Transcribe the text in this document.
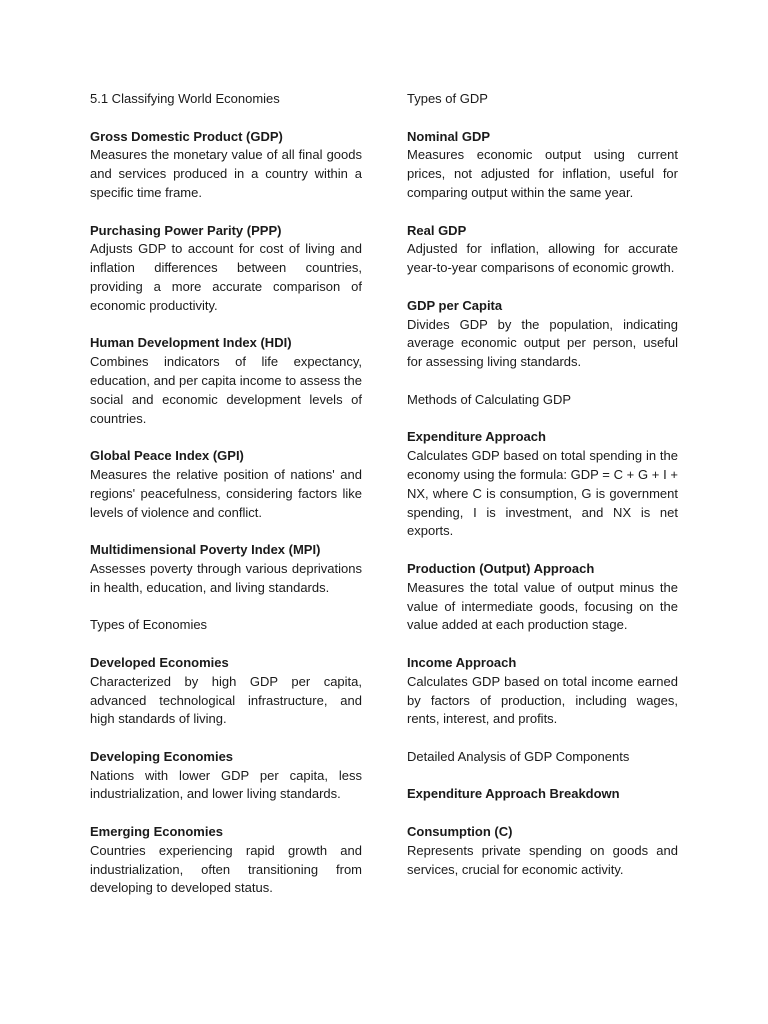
5.1 Classifying World Economies
Gross Domestic Product (GDP)
Measures the monetary value of all final goods and services produced in a country within a specific time frame.
Purchasing Power Parity (PPP)
Adjusts GDP to account for cost of living and inflation differences between countries, providing a more accurate comparison of economic productivity.
Human Development Index (HDI)
Combines indicators of life expectancy, education, and per capita income to assess the social and economic development levels of countries.
Global Peace Index (GPI)
Measures the relative position of nations' and regions' peacefulness, considering factors like levels of violence and conflict.
Multidimensional Poverty Index (MPI)
Assesses poverty through various deprivations in health, education, and living standards.
Types of Economies
Developed Economies
Characterized by high GDP per capita, advanced technological infrastructure, and high standards of living.
Developing Economies
Nations with lower GDP per capita, less industrialization, and lower living standards.
Emerging Economies
Countries experiencing rapid growth and industrialization, often transitioning from developing to developed status.
Types of GDP
Nominal GDP
Measures economic output using current prices, not adjusted for inflation, useful for comparing output within the same year.
Real GDP
Adjusted for inflation, allowing for accurate year-to-year comparisons of economic growth.
GDP per Capita
Divides GDP by the population, indicating average economic output per person, useful for assessing living standards.
Methods of Calculating GDP
Expenditure Approach
Calculates GDP based on total spending in the economy using the formula: GDP = C + G + I + NX, where C is consumption, G is government spending, I is investment, and NX is net exports.
Production (Output) Approach
Measures the total value of output minus the value of intermediate goods, focusing on the value added at each production stage.
Income Approach
Calculates GDP based on total income earned by factors of production, including wages, rents, interest, and profits.
Detailed Analysis of GDP Components
Expenditure Approach Breakdown
Consumption (C)
Represents private spending on goods and services, crucial for economic activity.
